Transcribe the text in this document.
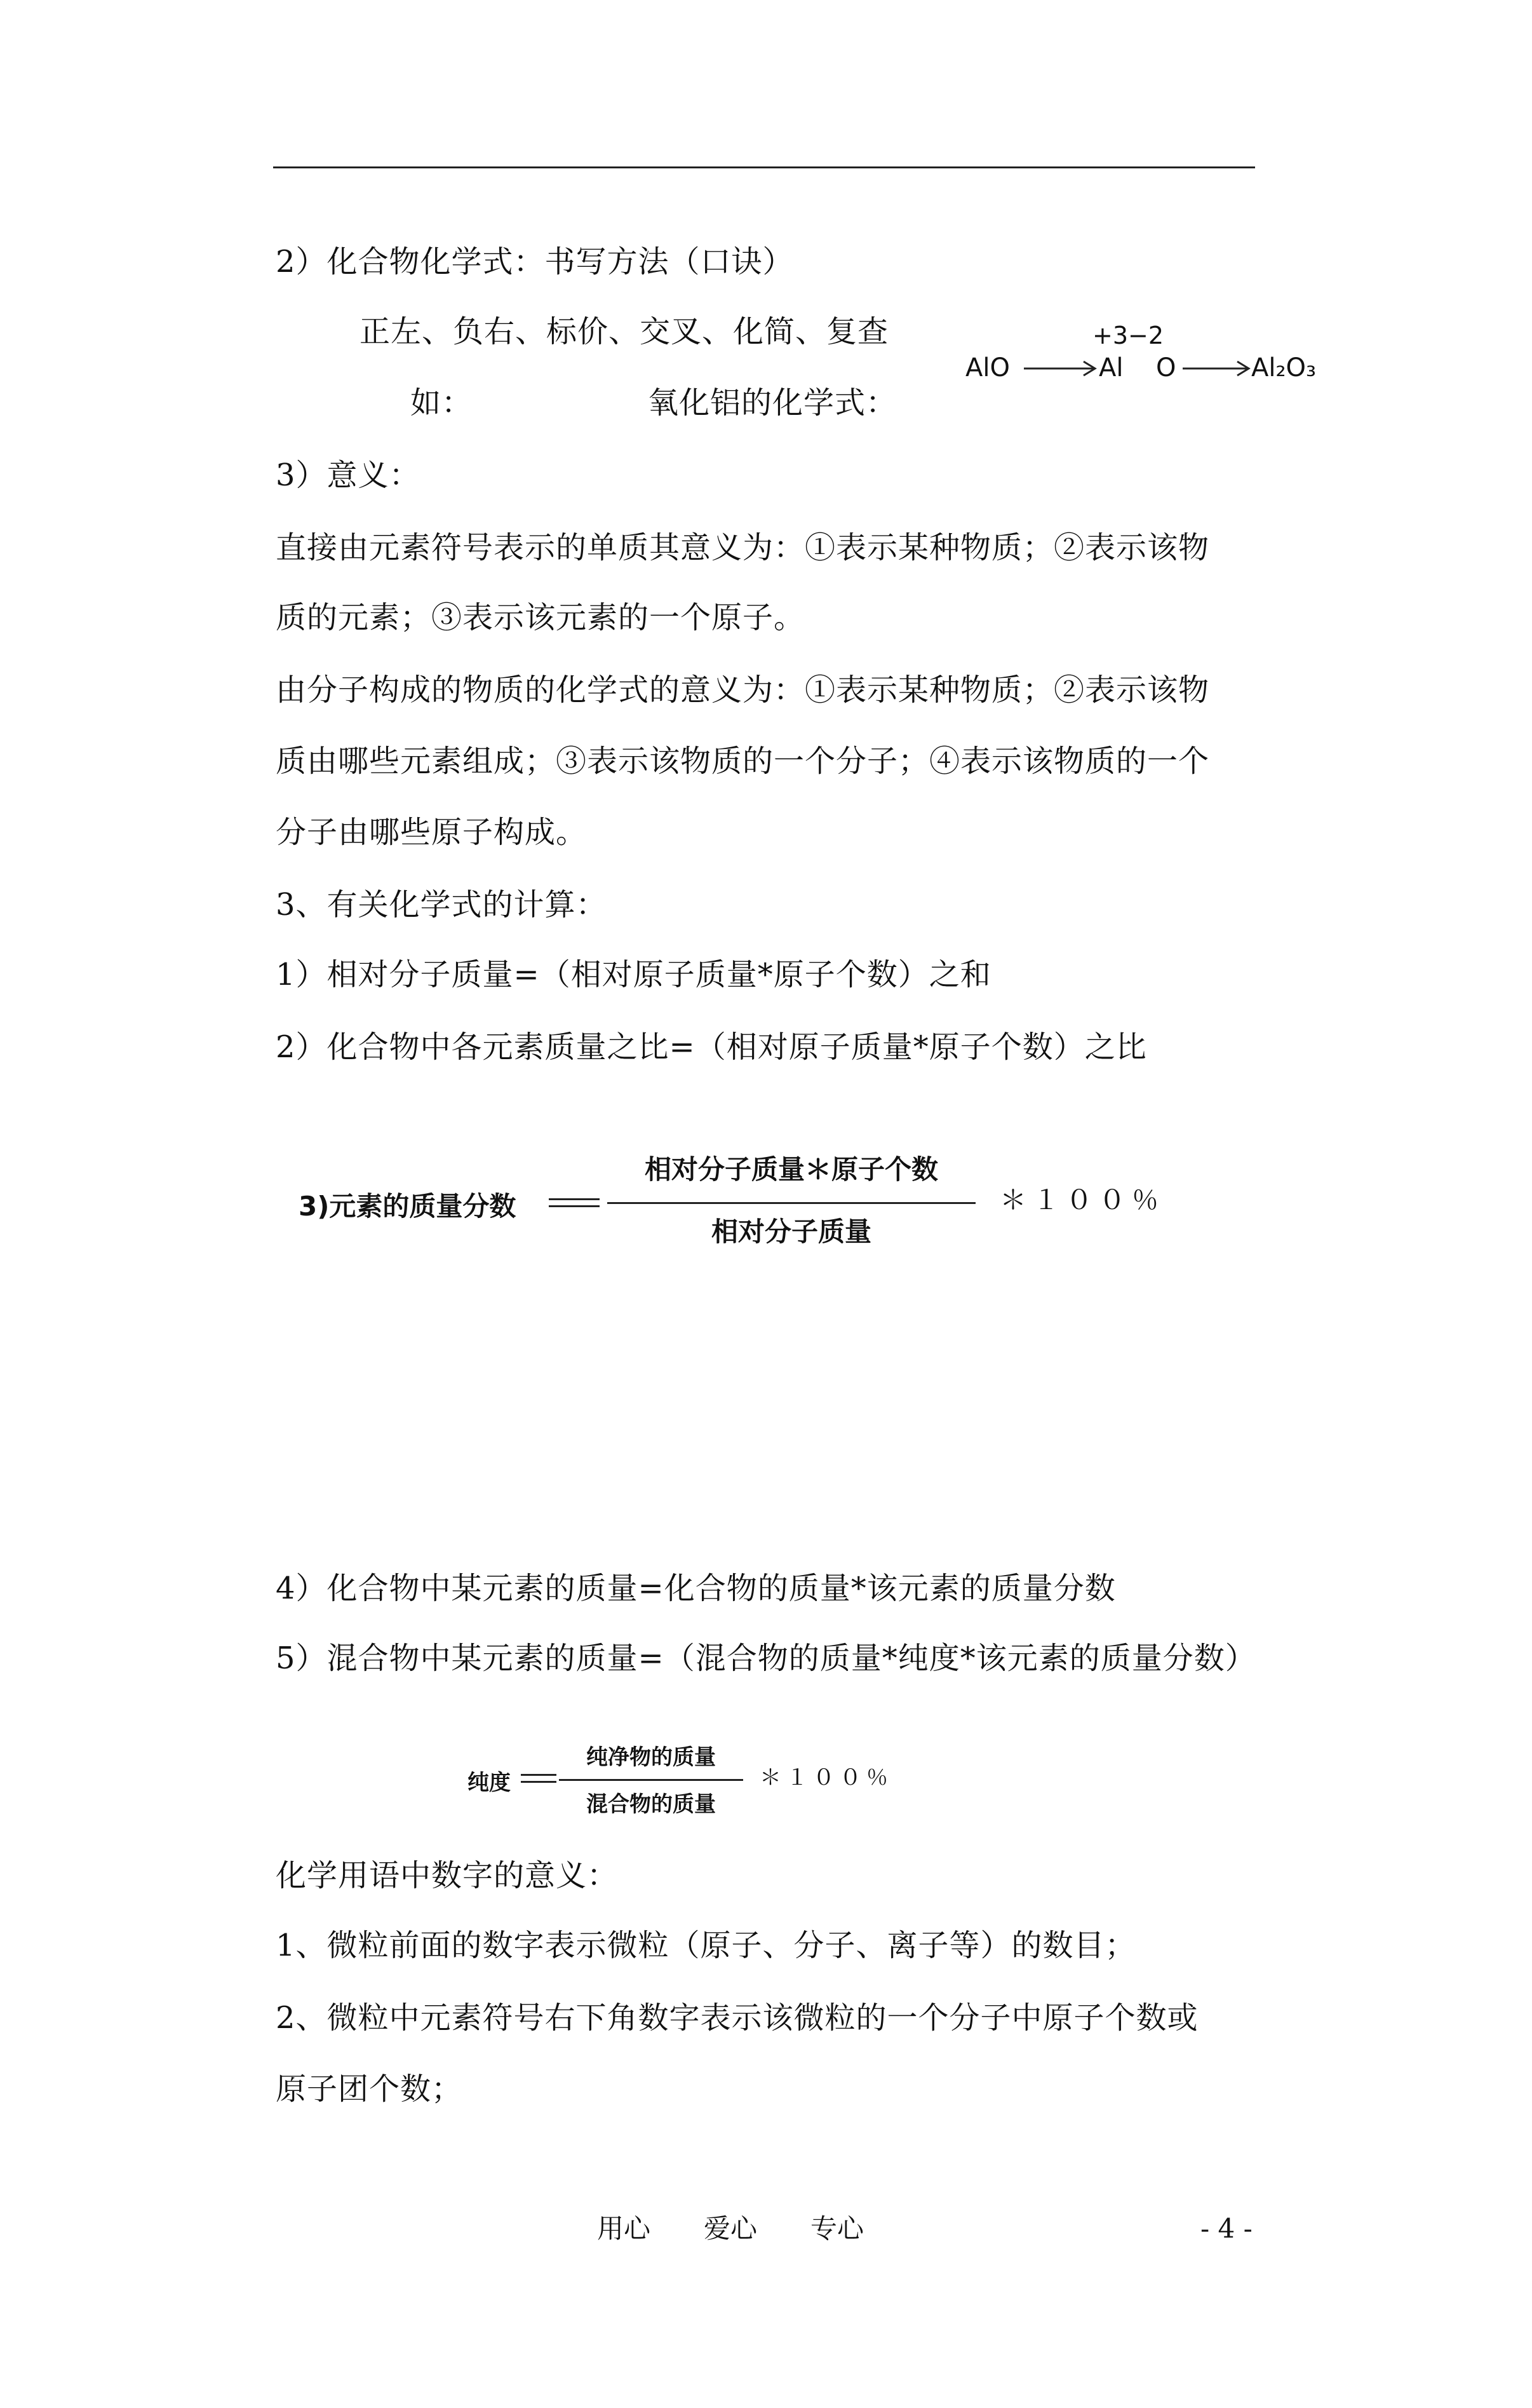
2）化合物化学式：书写方法（口诀）
正左、负右、标价、交叉、化简、复查
如：	氧化铝的化学式：
AlO
+3−2
Al O	Al₂O₃
3）意义：
直接由元素符号表示的单质其意义为：①表示某种物质；②表示该物
质的元素；③表示该元素的一个原子。
由分子构成的物质的化学式的意义为：①表示某种物质；②表示该物
质由哪些元素组成；③表示该物质的一个分子；④表示该物质的一个
分子由哪些原子构成。
3、有关化学式的计算：
1）相对分子质量=（相对原子质量*原子个数）之和
2）化合物中各元素质量之比=（相对原子质量*原子个数）之比
3)元素的质量分数
相对分子质量＊原子个数
相对分子质量
＊１００％
4）化合物中某元素的质量=化合物的质量*该元素的质量分数
5）混合物中某元素的质量=（混合物的质量*纯度*该元素的质量分数）
纯度
纯净物的质量
混合物的质量
＊１００％
化学用语中数字的意义：
1、微粒前面的数字表示微粒（原子、分子、离子等）的数目；
2、微粒中元素符号右下角数字表示该微粒的一个分子中原子个数或
原子团个数；
用心　　爱心　　专心	- 4 -
